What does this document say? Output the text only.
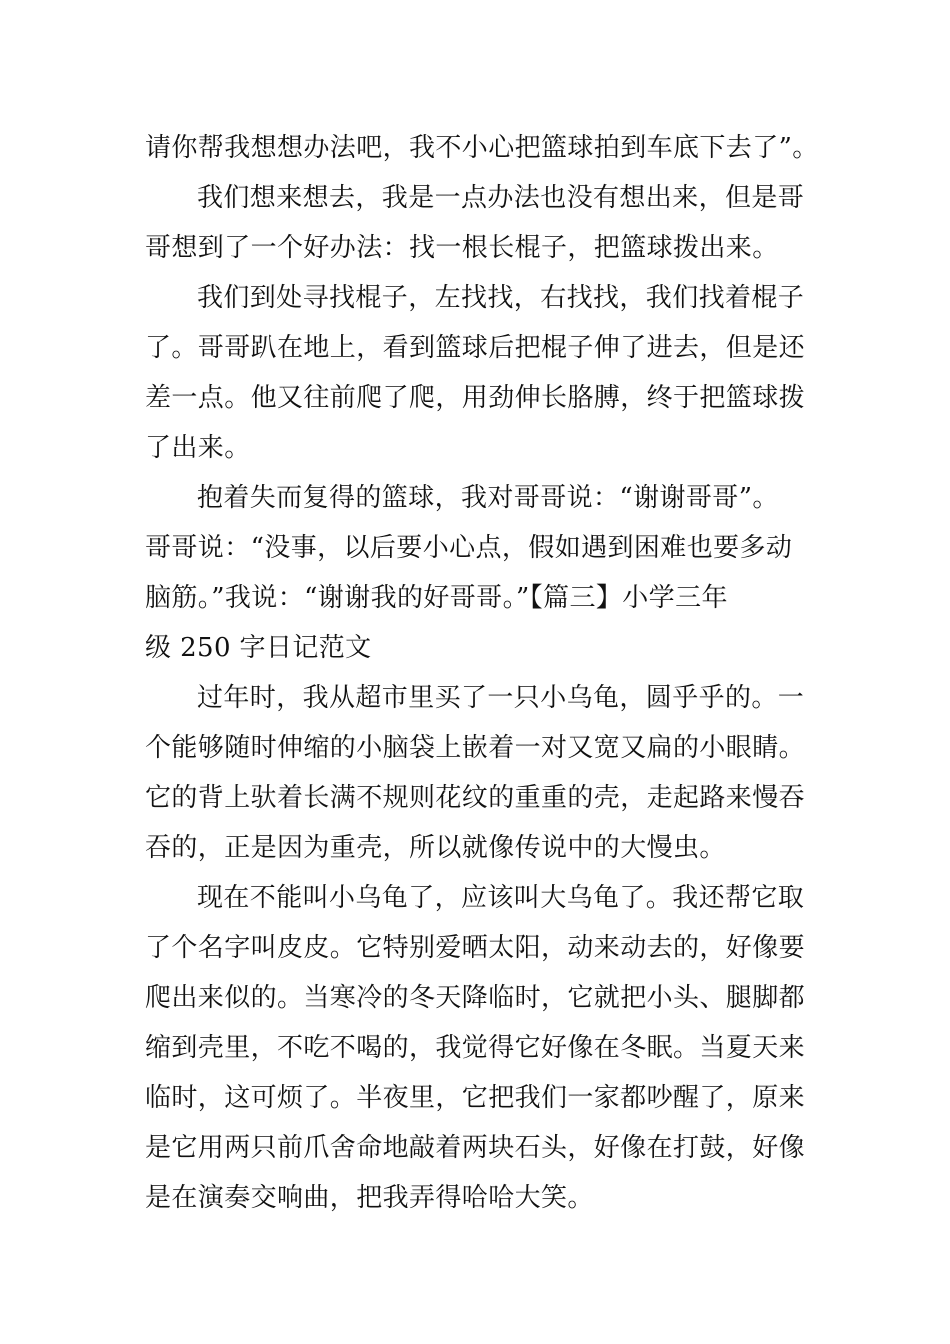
请你帮我想想办法吧，我不小心把篮球拍到车底下去了”。
我们想来想去，我是一点办法也没有想出来，但是哥
哥想到了一个好办法：找一根长棍子，把篮球拨出来。
我们到处寻找棍子，左找找，右找找，我们找着棍子
了。哥哥趴在地上，看到篮球后把棍子伸了进去，但是还
差一点。他又往前爬了爬，用劲伸长胳膊，终于把篮球拨
了出来。
抱着失而复得的篮球，我对哥哥说：“谢谢哥哥”。
哥哥说：“没事，以后要小心点，假如遇到困难也要多动
脑筋。”我说：“谢谢我的好哥哥。”【篇三】小学三年
级 250 字日记范文
过年时，我从超市里买了一只小乌龟，圆乎乎的。一
个能够随时伸缩的小脑袋上嵌着一对又宽又扁的小眼睛。
它的背上驮着长满不规则花纹的重重的壳，走起路来慢吞
吞的，正是因为重壳，所以就像传说中的大慢虫。
现在不能叫小乌龟了，应该叫大乌龟了。我还帮它取
了个名字叫皮皮。它特别爱晒太阳，动来动去的，好像要
爬出来似的。当寒冷的冬天降临时，它就把小头、腿脚都
缩到壳里，不吃不喝的，我觉得它好像在冬眠。当夏天来
临时，这可烦了。半夜里，它把我们一家都吵醒了，原来
是它用两只前爪舍命地敲着两块石头，好像在打鼓，好像
是在演奏交响曲，把我弄得哈哈大笑。
